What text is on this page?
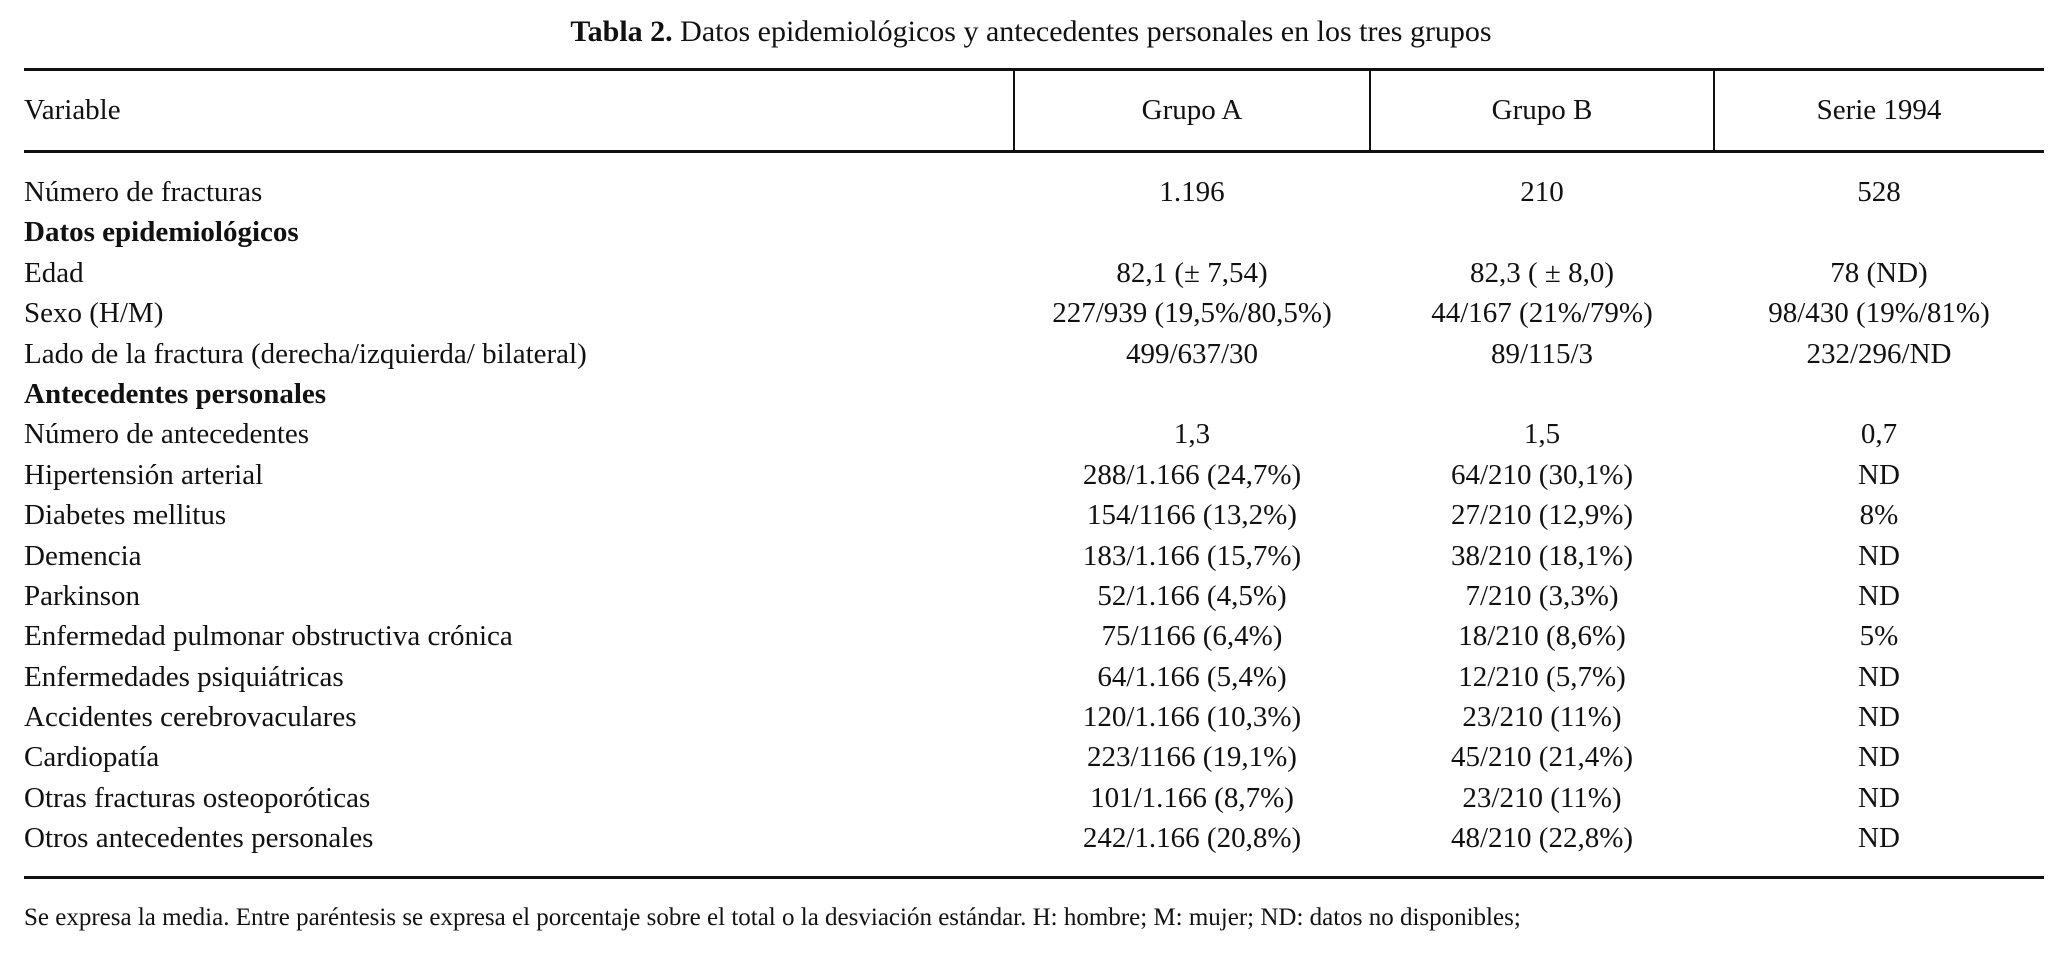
Tabla 2. Datos epidemiológicos y antecedentes personales en los tres grupos
Variable	Grupo A	Grupo B	Serie 1994
Número de fracturas	1.196	210	528
Datos epidemiológicos
Edad	82,1 (± 7,54)	82,3 ( ± 8,0)	78 (ND)
Sexo (H/M)	227/939 (19,5%/80,5%)	44/167 (21%/79%)	98/430 (19%/81%)
Lado de la fractura (derecha/izquierda/ bilateral)	499/637/30	89/115/3	232/296/ND
Antecedentes personales
Número de antecedentes	1,3	1,5	0,7
Hipertensión arterial	288/1.166 (24,7%)	64/210 (30,1%)	ND
Diabetes mellitus	154/1166 (13,2%)	27/210 (12,9%)	8%
Demencia	183/1.166 (15,7%)	38/210 (18,1%)	ND
Parkinson	52/1.166 (4,5%)	7/210 (3,3%)	ND
Enfermedad pulmonar obstructiva crónica	75/1166 (6,4%)	18/210 (8,6%)	5%
Enfermedades psiquiátricas	64/1.166 (5,4%)	12/210 (5,7%)	ND
Accidentes cerebrovaculares	120/1.166 (10,3%)	23/210 (11%)	ND
Cardiopatía	223/1166 (19,1%)	45/210 (21,4%)	ND
Otras fracturas osteoporóticas	101/1.166 (8,7%)	23/210 (11%)	ND
Otros antecedentes personales	242/1.166 (20,8%)	48/210 (22,8%)	ND
Se expresa la media. Entre paréntesis se expresa el porcentaje sobre el total o la desviación estándar. H: hombre; M: mujer; ND: datos no disponibles;
